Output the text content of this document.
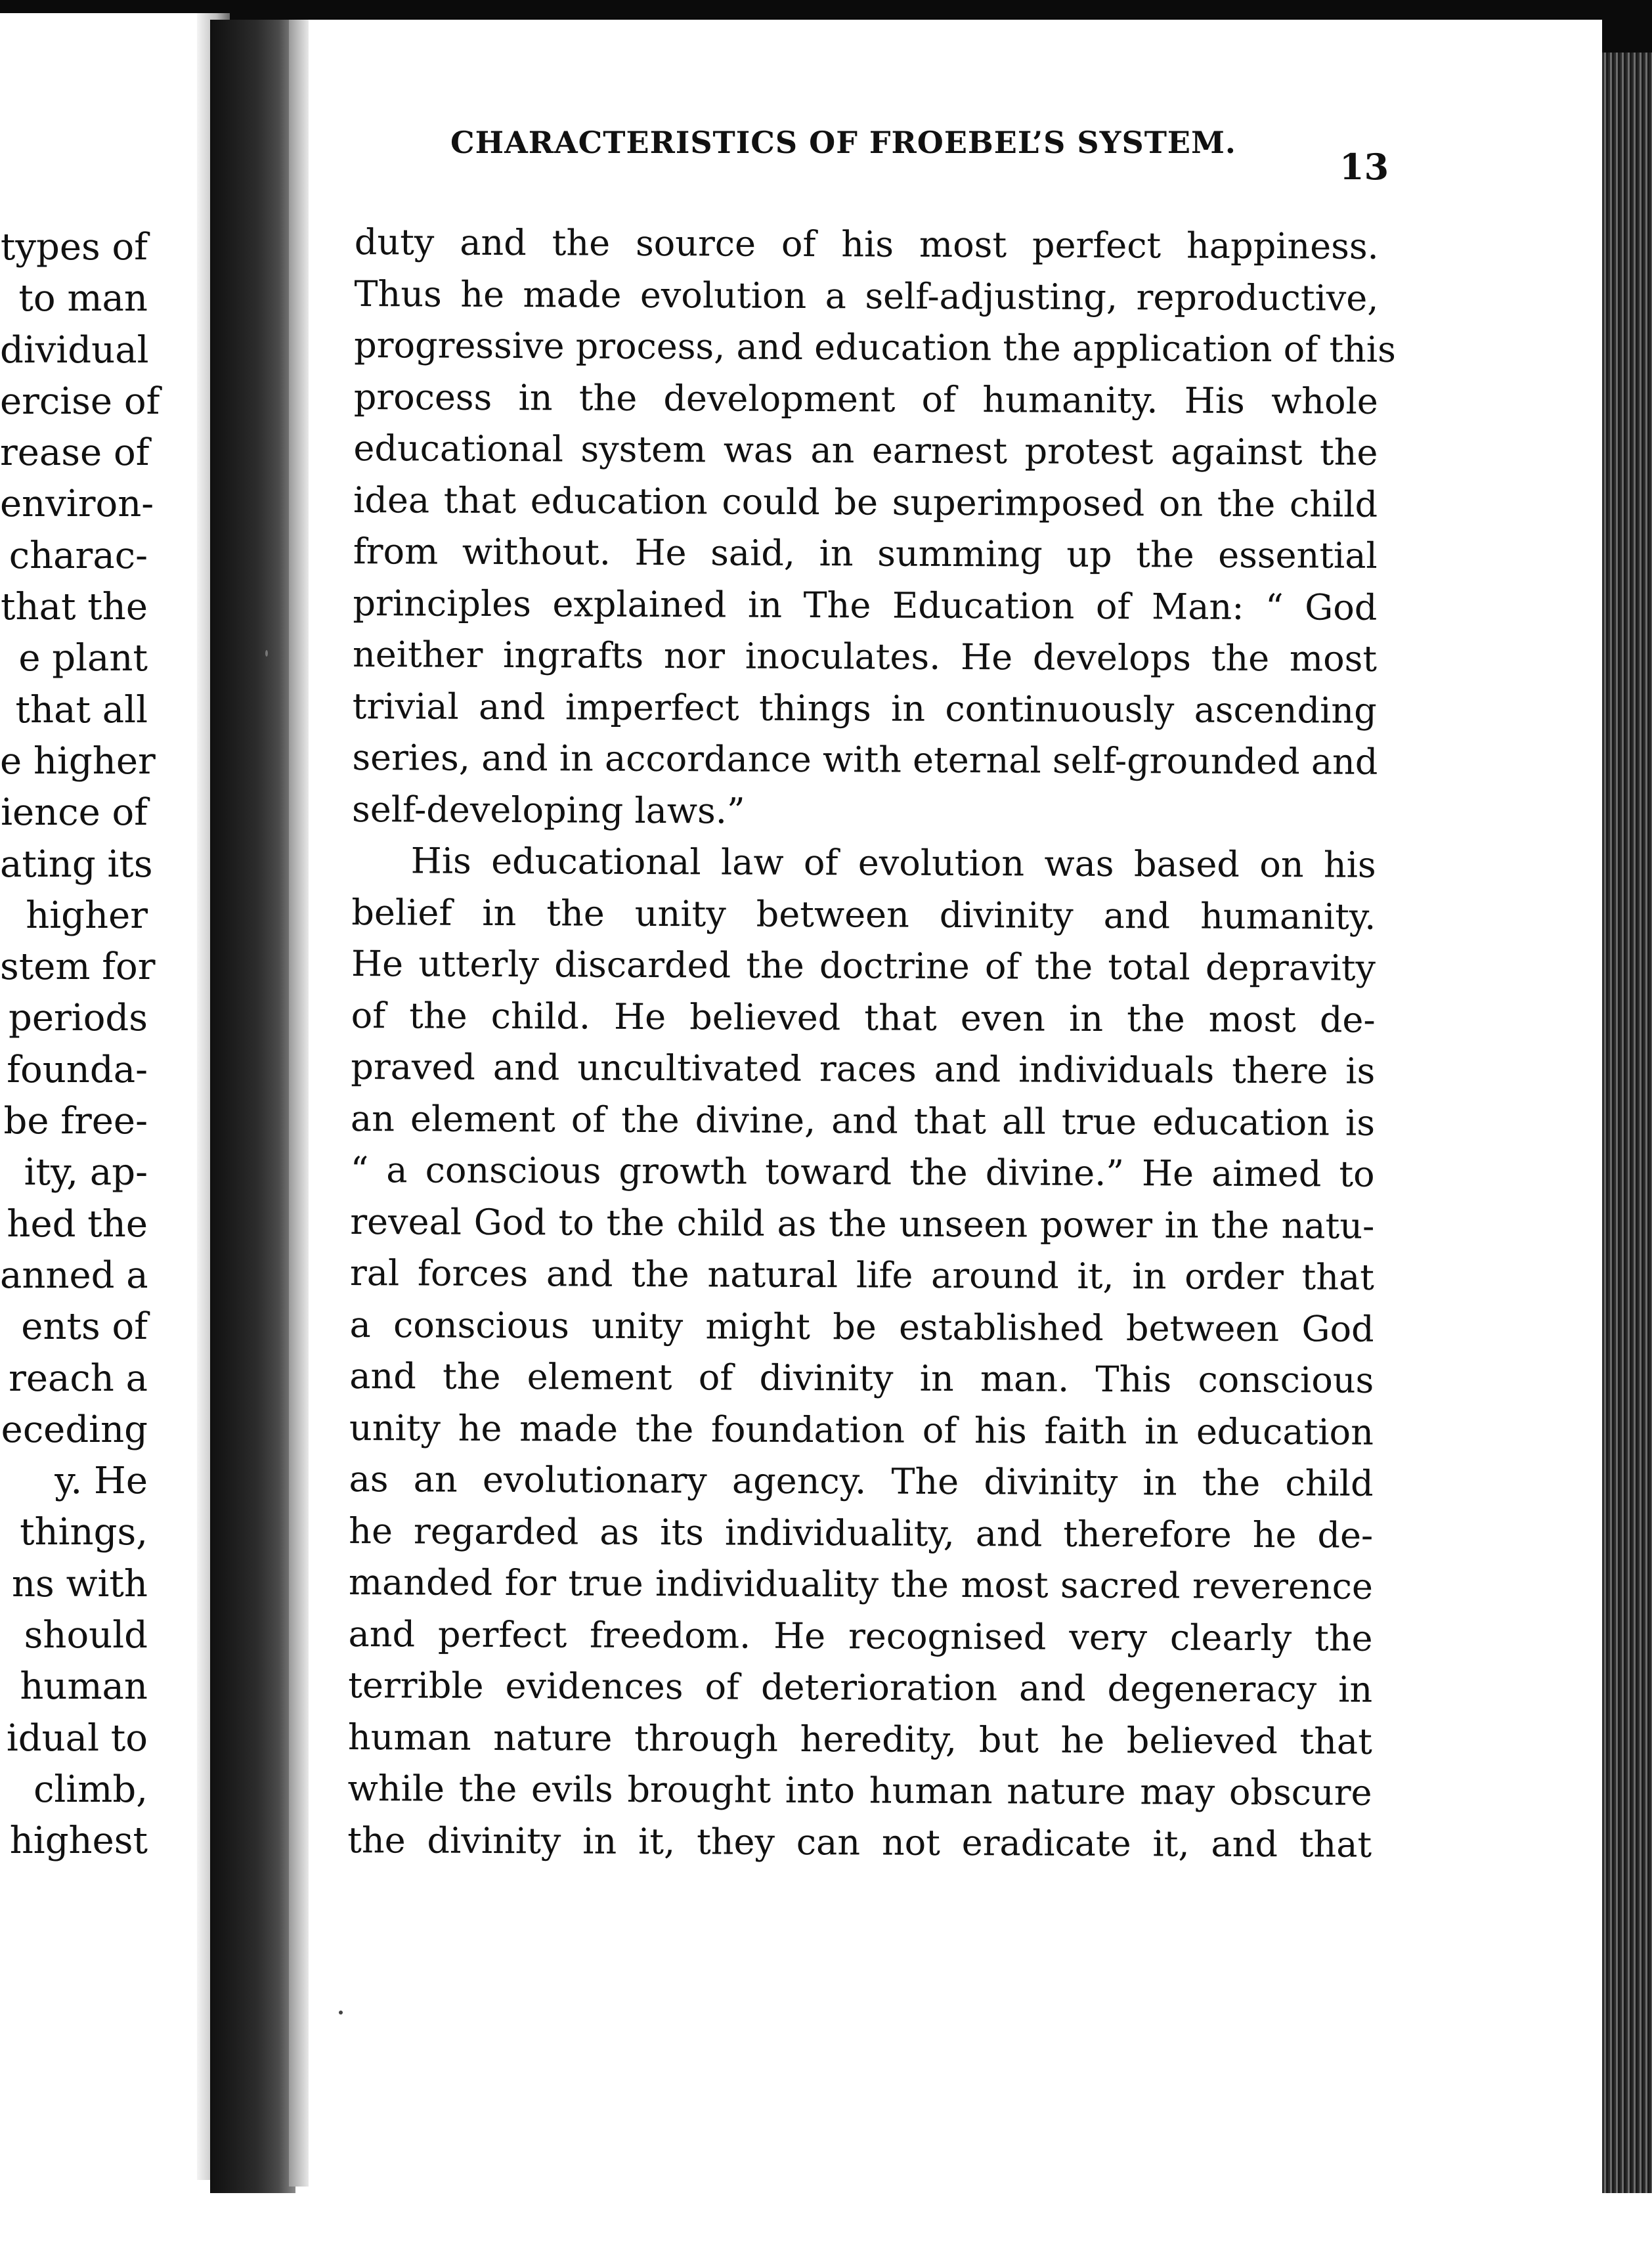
types of
to man
dividual
ercise of
rease of
environ-
charac-
that the
e plant
that all
e higher
ience of
ating its
higher
stem for
periods
founda-
be free-
ity, ap-
hed the
anned a
ents of
reach a
eceding
y. He
things,
ns with
should
human
idual to
climb,
highest
CHARACTERISTICS OF FROEBEL’S SYSTEM.
13
duty and the source of his most perfect happiness.
Thus he made evolution a self-adjusting, reproductive,
progressive process, and education the application of this
process in the development of humanity. His whole
educational system was an earnest protest against the
idea that education could be superimposed on the child
from without. He said, in summing up the essential
principles explained in The Education of Man: “ God
neither ingrafts nor inoculates. He develops the most
trivial and imperfect things in continuously ascending
series, and in accordance with eternal self-grounded and
self-developing laws.”
His educational law of evolution was based on his
belief in the unity between divinity and humanity.
He utterly discarded the doctrine of the total depravity
of the child. He believed that even in the most de-
praved and uncultivated races and individuals there is
an element of the divine, and that all true education is
“ a conscious growth toward the divine.” He aimed to
reveal God to the child as the unseen power in the natu-
ral forces and the natural life around it, in order that
a conscious unity might be established between God
and the element of divinity in man. This conscious
unity he made the foundation of his faith in education
as an evolutionary agency. The divinity in the child
he regarded as its individuality, and therefore he de-
manded for true individuality the most sacred reverence
and perfect freedom. He recognised very clearly the
terrible evidences of deterioration and degeneracy in
human nature through heredity, but he believed that
while the evils brought into human nature may obscure
the divinity in it, they can not eradicate it, and that
